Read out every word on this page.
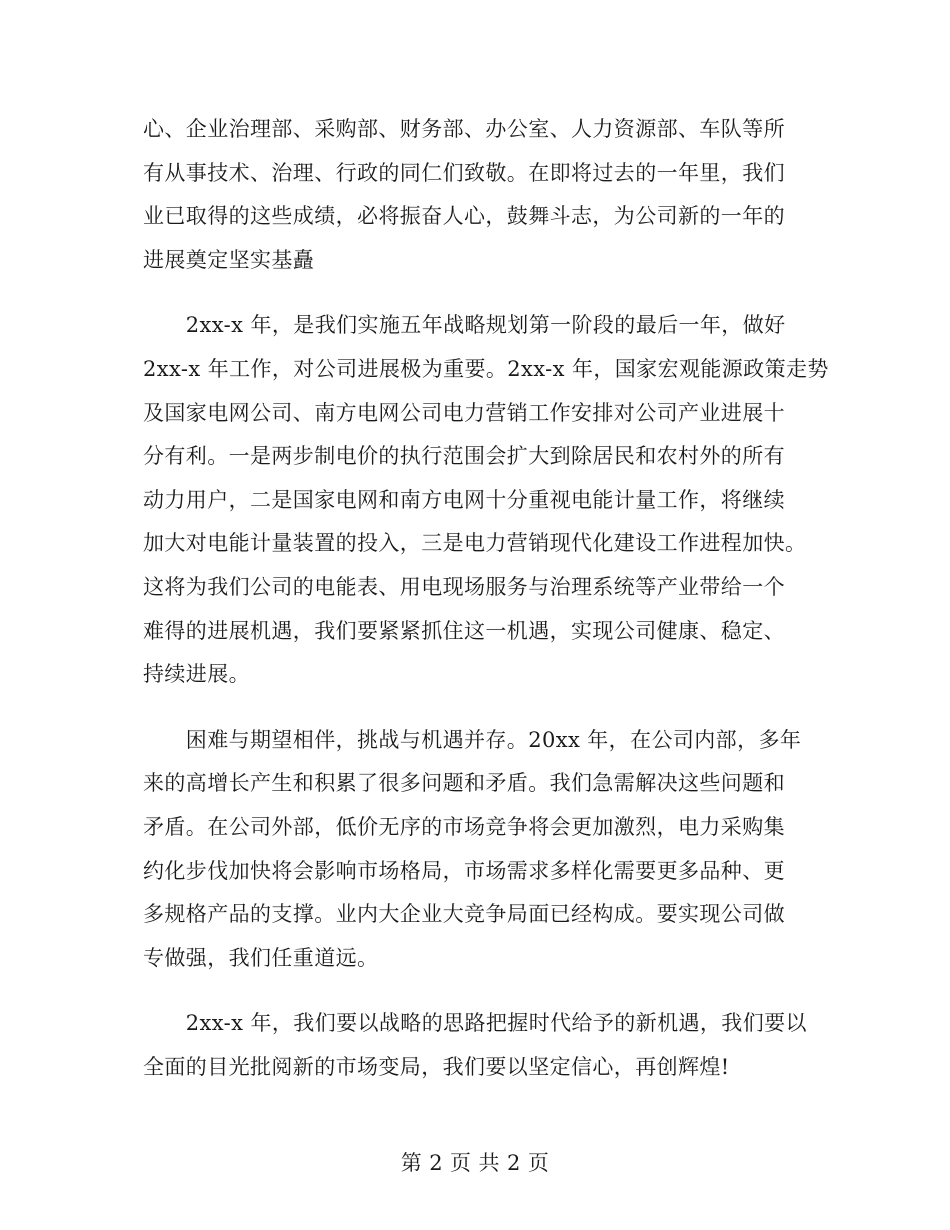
心、企业治理部、采购部、财务部、办公室、人力资源部、车队等所
有从事技术、治理、行政的同仁们致敬。在即将过去的一年里，我们
业已取得的这些成绩，必将振奋人心，鼓舞斗志，为公司新的一年的
进展奠定坚实基矗

　　2xx-x 年，是我们实施五年战略规划第一阶段的最后一年，做好
2xx-x 年工作，对公司进展极为重要。2xx-x 年，国家宏观能源政策走势
及国家电网公司、南方电网公司电力营销工作安排对公司产业进展十
分有利。一是两步制电价的执行范围会扩大到除居民和农村外的所有
动力用户，二是国家电网和南方电网十分重视电能计量工作，将继续
加大对电能计量装置的投入，三是电力营销现代化建设工作进程加快。
这将为我们公司的电能表、用电现场服务与治理系统等产业带给一个
难得的进展机遇，我们要紧紧抓住这一机遇，实现公司健康、稳定、
持续进展。

　　困难与期望相伴，挑战与机遇并存。20xx 年，在公司内部，多年
来的高增长产生和积累了很多问题和矛盾。我们急需解决这些问题和
矛盾。在公司外部，低价无序的市场竞争将会更加激烈，电力采购集
约化步伐加快将会影响市场格局，市场需求多样化需要更多品种、更
多规格产品的支撑。业内大企业大竞争局面已经构成。要实现公司做
专做强，我们任重道远。

　　2xx-x 年，我们要以战略的思路把握时代给予的新机遇，我们要以
全面的目光批阅新的市场变局，我们要以坚定信心，再创辉煌!

第 2 页 共 2 页
